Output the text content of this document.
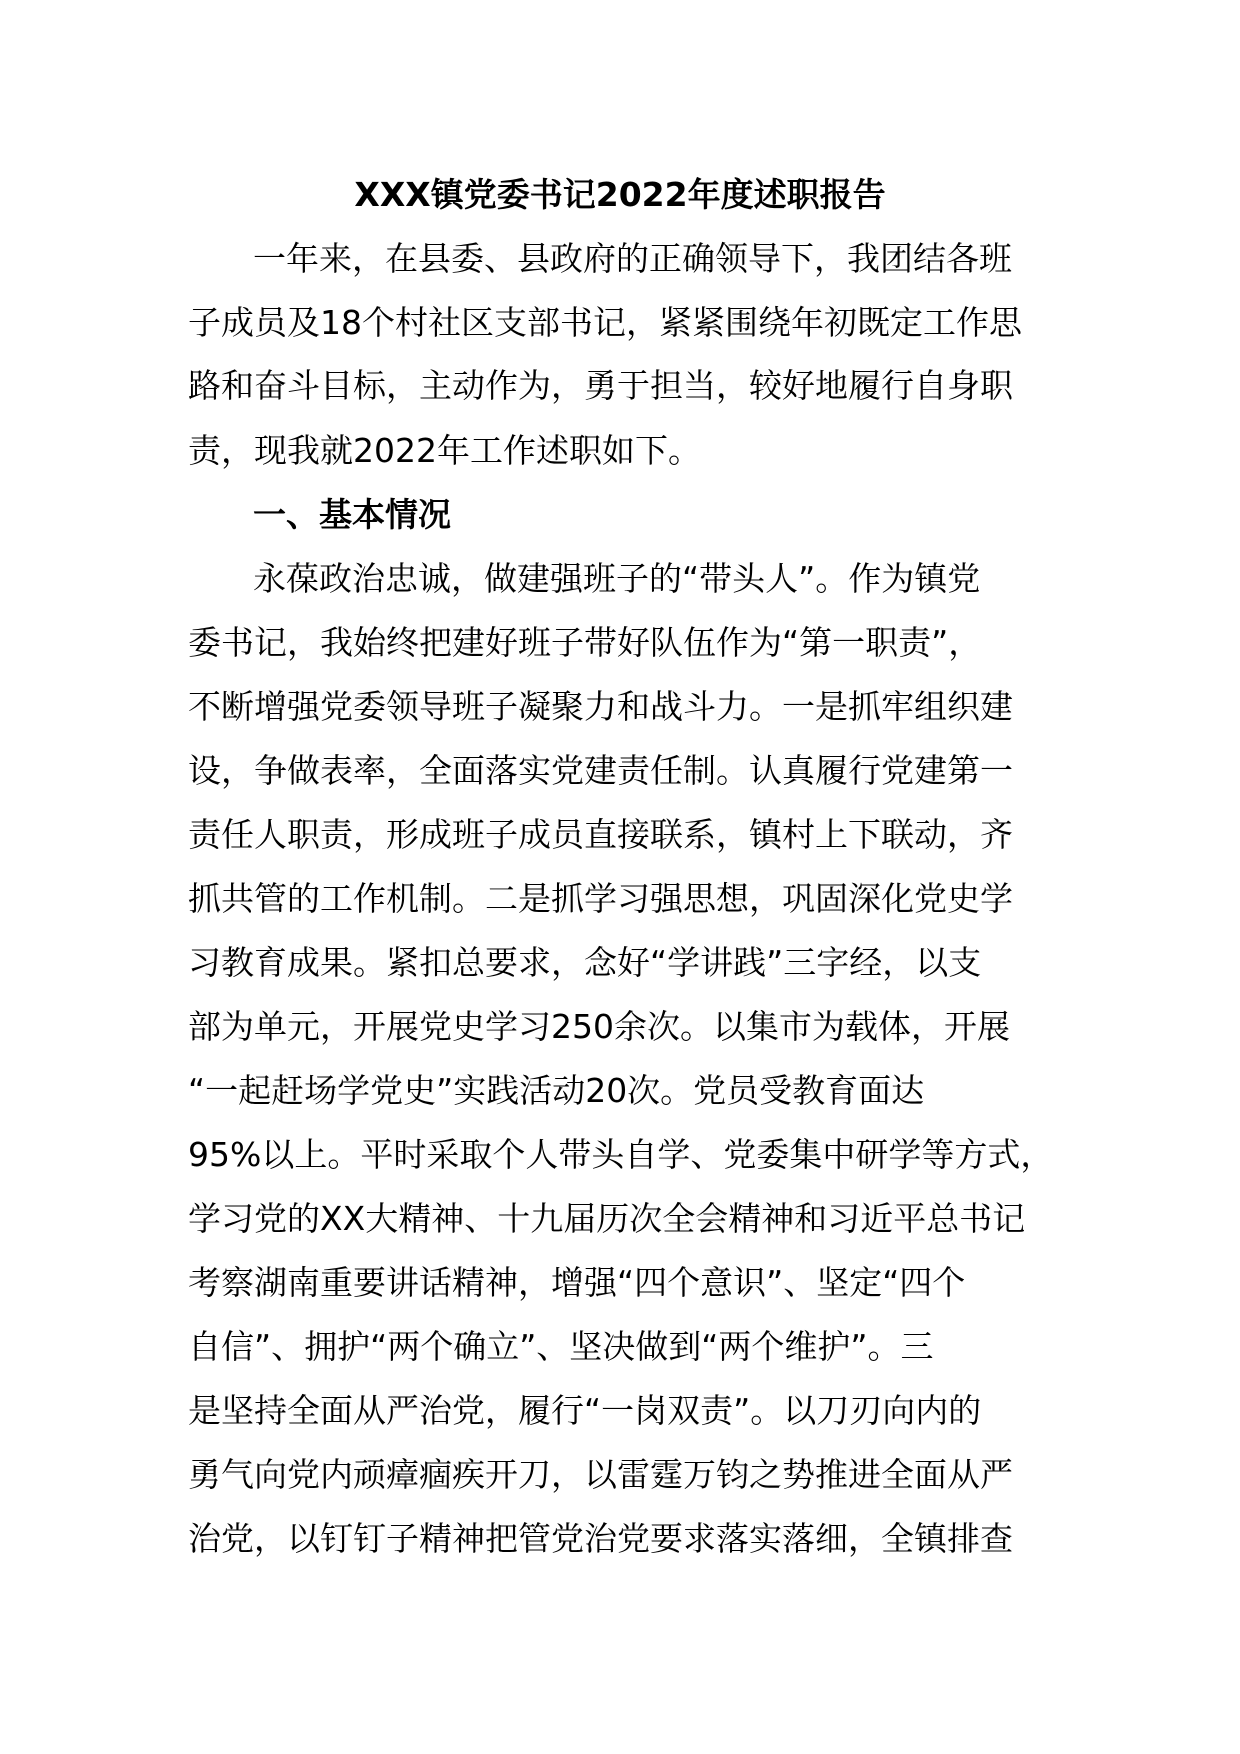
XXX镇党委书记2022年度述职报告
一年来，在县委、县政府的正确领导下，我团结各班
子成员及18个村社区支部书记，紧紧围绕年初既定工作思
路和奋斗目标，主动作为，勇于担当，较好地履行自身职
责，现我就2022年工作述职如下。
一、基本情况
永葆政治忠诚，做建强班子的“带头人”。作为镇党
委书记，我始终把建好班子带好队伍作为“第一职责”，
不断增强党委领导班子凝聚力和战斗力。一是抓牢组织建
设，争做表率，全面落实党建责任制。认真履行党建第一
责任人职责，形成班子成员直接联系，镇村上下联动，齐
抓共管的工作机制。二是抓学习强思想，巩固深化党史学
习教育成果。紧扣总要求，念好“学讲践”三字经，以支
部为单元，开展党史学习250余次。以集市为载体，开展
“一起赶场学党史”实践活动20次。党员受教育面达
95%以上。平时采取个人带头自学、党委集中研学等方式，
学习党的XX大精神、十九届历次全会精神和习近平总书记
考察湖南重要讲话精神，增强“四个意识”、坚定“四个
自信”、拥护“两个确立”、坚决做到“两个维护”。三
是坚持全面从严治党，履行“一岗双责”。以刀刃向内的
勇气向党内顽瘴痼疾开刀，以雷霆万钧之势推进全面从严
治党，以钉钉子精神把管党治党要求落实落细，全镇排查
